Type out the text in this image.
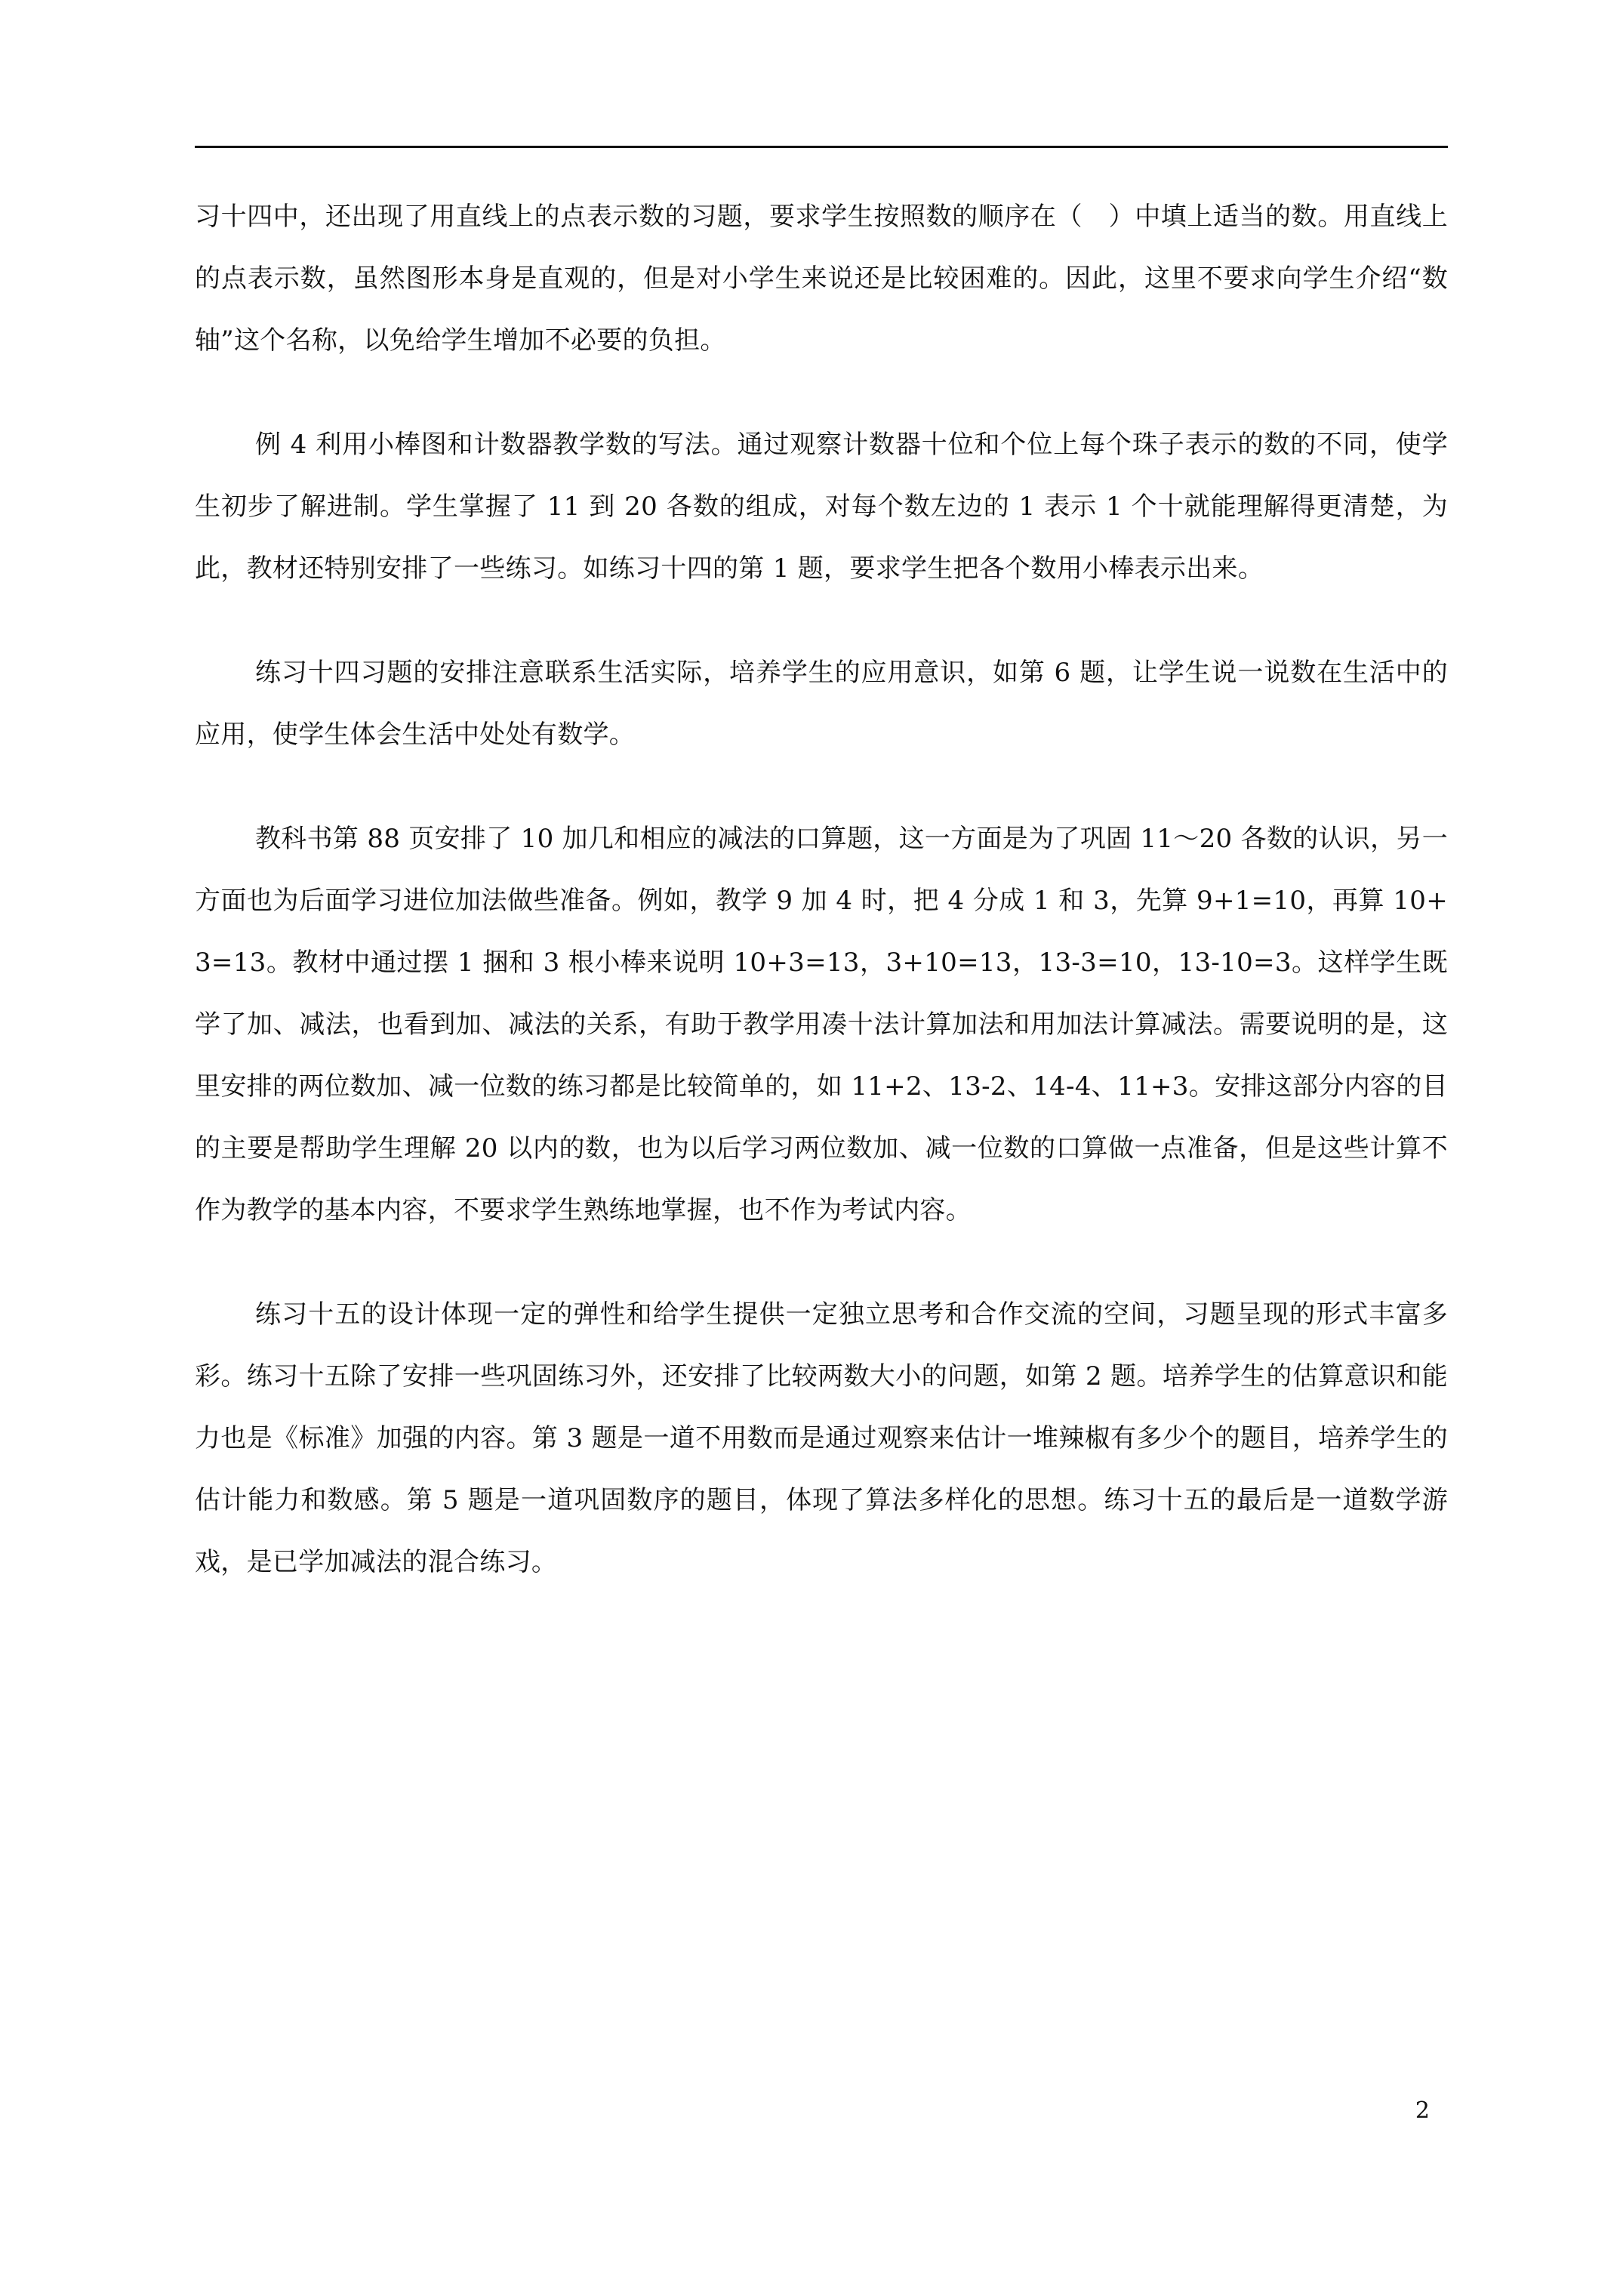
习十四中，还出现了用直线上的点表示数的习题，要求学生按照数的顺序在（　）中填上适当的数。用直线上的点表示数，虽然图形本身是直观的，但是对小学生来说还是比较困难的。因此，这里不要求向学生介绍“数轴”这个名称，以免给学生增加不必要的负担。

例 4 利用小棒图和计数器教学数的写法。通过观察计数器十位和个位上每个珠子表示的数的不同，使学生初步了解进制。学生掌握了 11 到 20 各数的组成，对每个数左边的 1 表示 1 个十就能理解得更清楚，为此，教材还特别安排了一些练习。如练习十四的第 1 题，要求学生把各个数用小棒表示出来。

练习十四习题的安排注意联系生活实际，培养学生的应用意识，如第 6 题，让学生说一说数在生活中的应用，使学生体会生活中处处有数学。

教科书第 88 页安排了 10 加几和相应的减法的口算题，这一方面是为了巩固 11～20 各数的认识，另一方面也为后面学习进位加法做些准备。例如，教学 9 加 4 时，把 4 分成 1 和 3，先算 9+1=10，再算 10+3=13。教材中通过摆 1 捆和 3 根小棒来说明 10+3=13，3+10=13，13-3=10，13-10=3。这样学生既学了加、减法，也看到加、减法的关系，有助于教学用凑十法计算加法和用加法计算减法。需要说明的是，这里安排的两位数加、减一位数的练习都是比较简单的，如 11+2、13-2、14-4、11+3。安排这部分内容的目的主要是帮助学生理解 20 以内的数，也为以后学习两位数加、减一位数的口算做一点准备，但是这些计算不作为教学的基本内容，不要求学生熟练地掌握，也不作为考试内容。

练习十五的设计体现一定的弹性和给学生提供一定独立思考和合作交流的空间，习题呈现的形式丰富多彩。练习十五除了安排一些巩固练习外，还安排了比较两数大小的问题，如第 2 题。培养学生的估算意识和能力也是《标准》加强的内容。第 3 题是一道不用数而是通过观察来估计一堆辣椒有多少个的题目，培养学生的估计能力和数感。第 5 题是一道巩固数序的题目，体现了算法多样化的思想。练习十五的最后是一道数学游戏，是已学加减法的混合练习。

2
